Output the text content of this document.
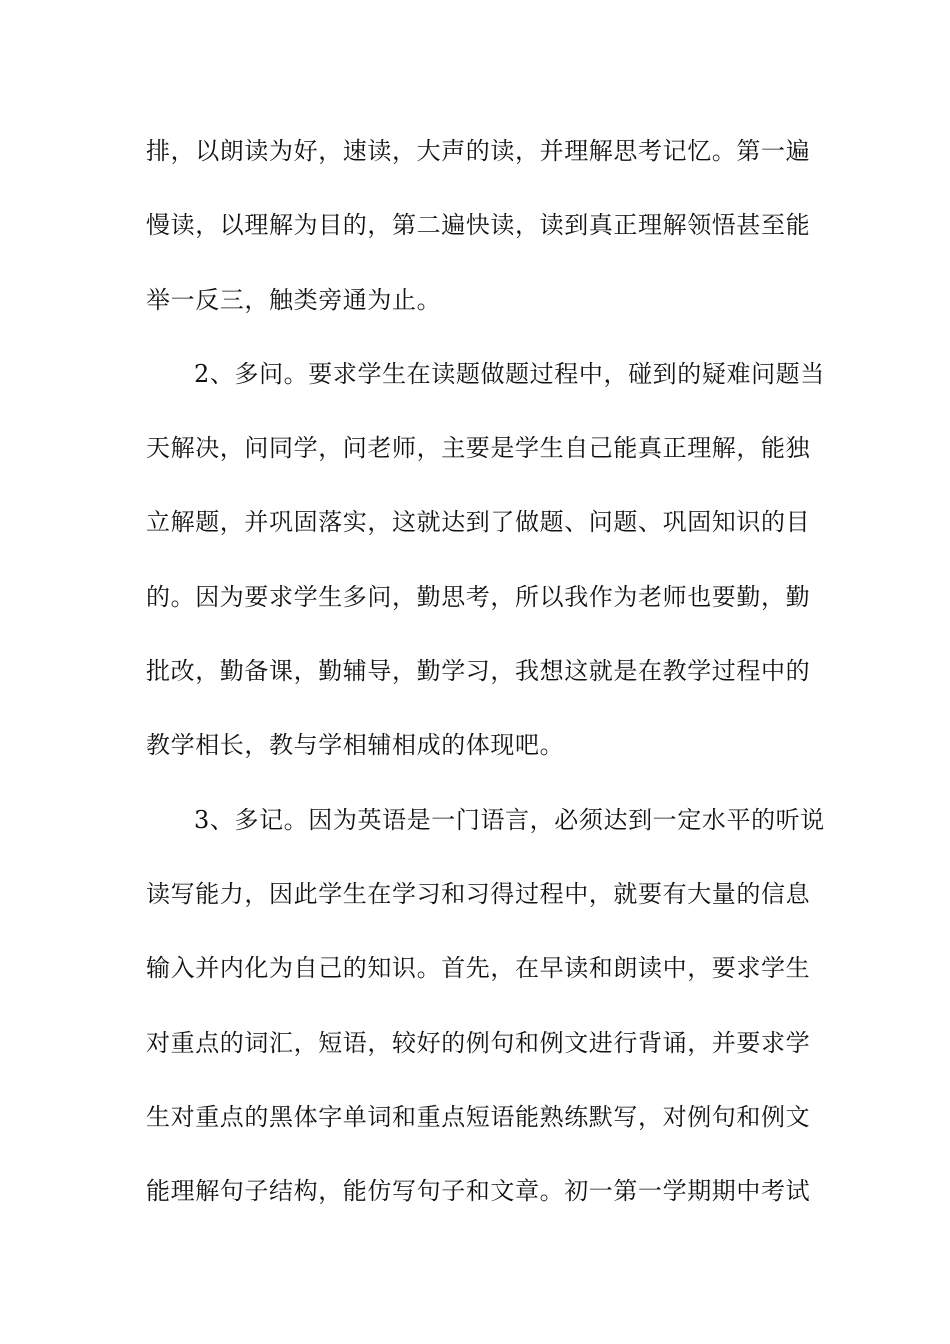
排，以朗读为好，速读，大声的读，并理解思考记忆。第一遍
慢读，以理解为目的，第二遍快读，读到真正理解领悟甚至能
举一反三，触类旁通为止。
2、多问。要求学生在读题做题过程中，碰到的疑难问题当
天解决，问同学，问老师，主要是学生自己能真正理解，能独
立解题，并巩固落实，这就达到了做题、问题、巩固知识的目
的。因为要求学生多问，勤思考，所以我作为老师也要勤，勤
批改，勤备课，勤辅导，勤学习，我想这就是在教学过程中的
教学相长，教与学相辅相成的体现吧。
3、多记。因为英语是一门语言，必须达到一定水平的听说
读写能力，因此学生在学习和习得过程中，就要有大量的信息
输入并内化为自己的知识。首先，在早读和朗读中，要求学生
对重点的词汇，短语，较好的例句和例文进行背诵，并要求学
生对重点的黑体字单词和重点短语能熟练默写，对例句和例文
能理解句子结构，能仿写句子和文章。初一第一学期期中考试
